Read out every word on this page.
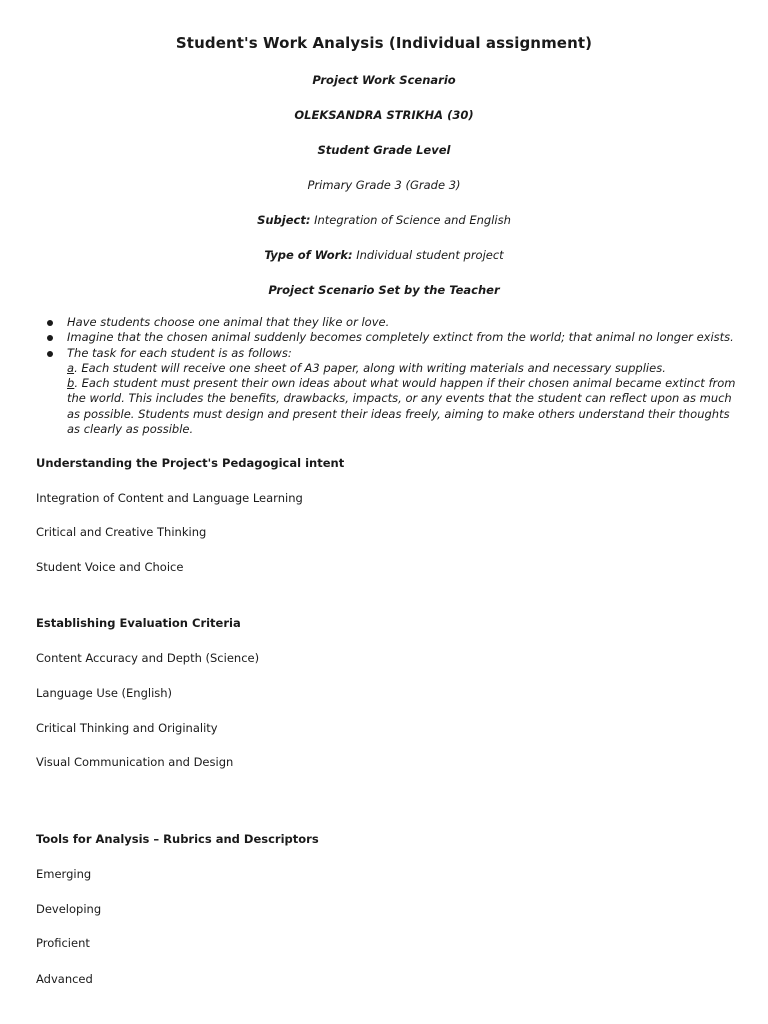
Student's Work Analysis (Individual assignment)
Project Work Scenario
OLEKSANDRA STRIKHA (30)
Student Grade Level
Primary Grade 3 (Grade 3)
Subject: Integration of Science and English
Type of Work: Individual student project
Project Scenario Set by the Teacher
Have students choose one animal that they like or love.
Imagine that the chosen animal suddenly becomes completely extinct from the world; that animal no longer exists.
The task for each student is as follows:
a. Each student will receive one sheet of A3 paper, along with writing materials and necessary supplies.
b. Each student must present their own ideas about what would happen if their chosen animal became extinct from the world. This includes the benefits, drawbacks, impacts, or any events that the student can reflect upon as much as possible. Students must design and present their ideas freely, aiming to make others understand their thoughts as clearly as possible.
Understanding the Project's Pedagogical intent
Integration of Content and Language Learning
Critical and Creative Thinking
Student Voice and Choice
Establishing Evaluation Criteria
Content Accuracy and Depth (Science)
Language Use (English)
Critical Thinking and Originality
Visual Communication and Design
Tools for Analysis – Rubrics and Descriptors
Emerging
Developing
Proficient
Advanced
